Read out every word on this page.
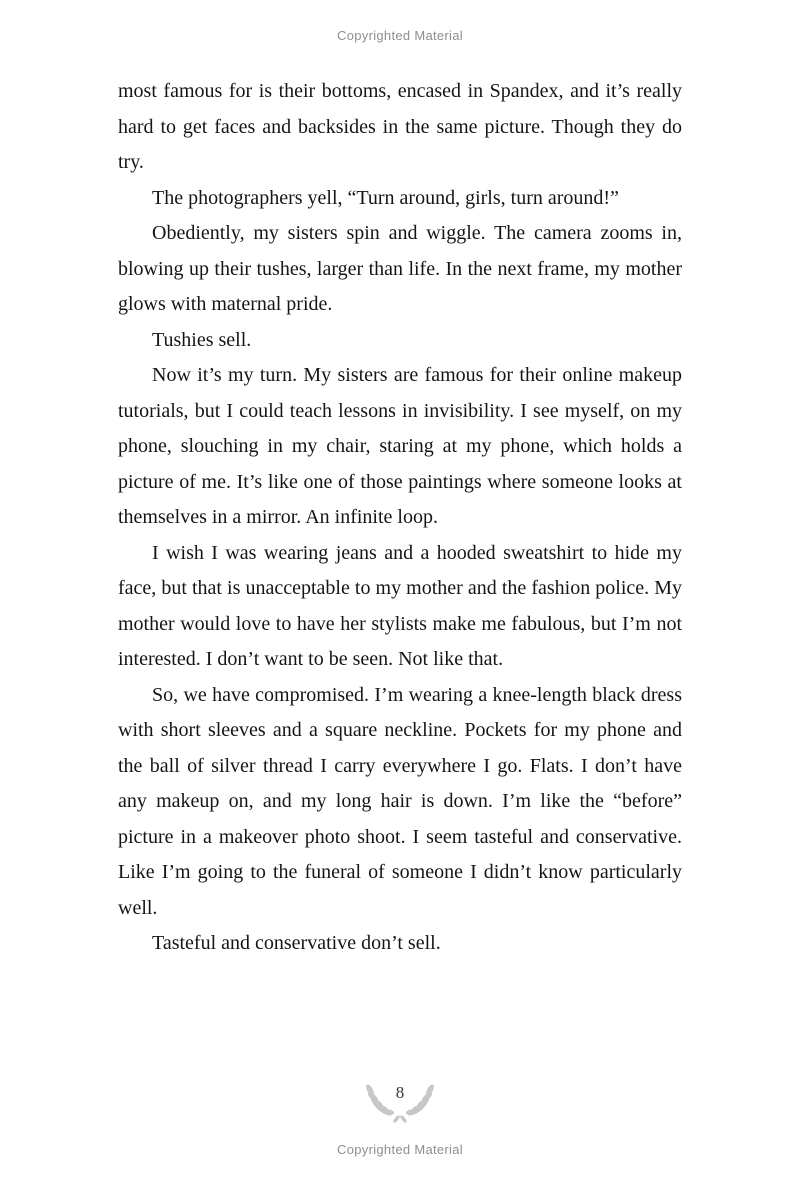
Copyrighted Material

most famous for is their bottoms, encased in Spandex, and it’s really hard to get faces and backsides in the same picture. Though they do try.

The photographers yell, “Turn around, girls, turn around!”

Obediently, my sisters spin and wiggle. The camera zooms in, blowing up their tushes, larger than life. In the next frame, my mother glows with maternal pride.

Tushies sell.

Now it’s my turn. My sisters are famous for their online makeup tutorials, but I could teach lessons in invisibility. I see myself, on my phone, slouching in my chair, staring at my phone, which holds a picture of me. It’s like one of those paintings where someone looks at themselves in a mirror. An infinite loop.

I wish I was wearing jeans and a hooded sweatshirt to hide my face, but that is unacceptable to my mother and the fashion police. My mother would love to have her stylists make me fabulous, but I’m not interested. I don’t want to be seen. Not like that.

So, we have compromised. I’m wearing a knee-length black dress with short sleeves and a square neckline. Pockets for my phone and the ball of silver thread I carry everywhere I go. Flats. I don’t have any makeup on, and my long hair is down. I’m like the “before” picture in a makeover photo shoot. I seem tasteful and conservative. Like I’m going to the funeral of someone I didn’t know particularly well.

Tasteful and conservative don’t sell.

8
Copyrighted Material
